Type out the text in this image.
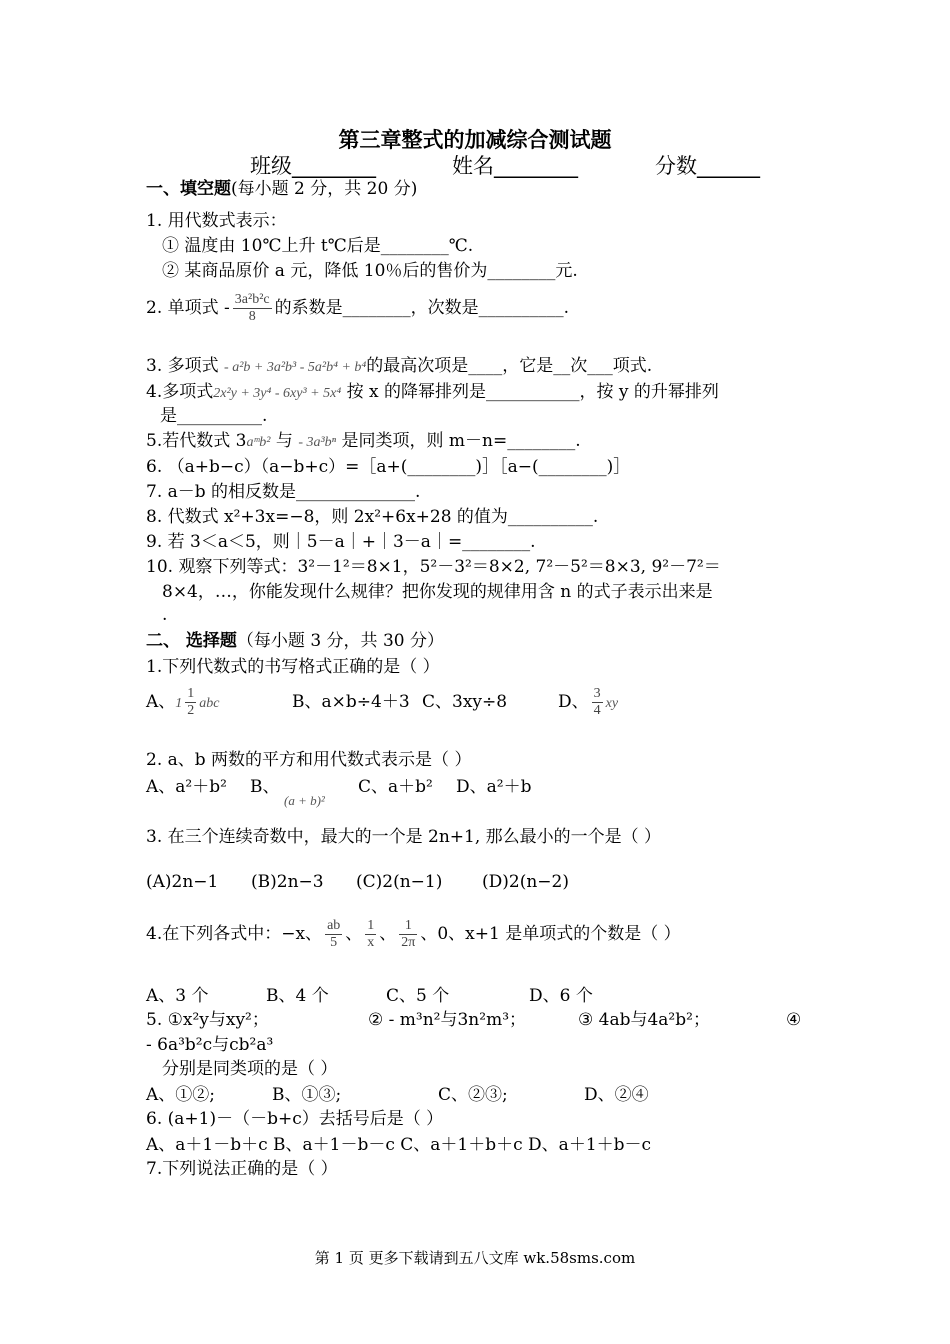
第三章整式的加减综合测试题
班级________	姓名________	分数______
一、填空题(每小题 2 分，共 20 分)
1. 用代数式表示：
① 温度由 10℃上升 t℃后是________℃.
② 某商品原价 a 元，降低 10％后的售价为________元.
2. 单项式 - $\frac{\text{3a²b²c}}{8}$ 的系数是________，次数是__________.
3. 多项式 - a²b + 3a²b³ - 5a²b⁴ + b⁴的最高次项是____，它是__次___项式.
4.多项式2x²y + 3y⁴ - 6xy³ + 5x⁴ 按 x 的降幂排列是___________，按 y 的升幂排列
是__________.
5.若代数式 3aᵐb² 与 - 3a³bⁿ 是同类项，则 m－n=________.
6. （a+b−c）（a−b+c）=［a+(________)］［a−(________)］
7. a－b 的相反数是______________.
8. 代数式 x²+3x=−8，则 2x²+6x+28 的值为__________.
9. 若 3＜a＜5，则｜5－a｜+｜3－a｜=________.
10. 观察下列等式：3²－1²＝8×1，5²－3²＝8×2, 7²－5²＝8×3, 9²－7²＝
8×4，…，你能发现什么规律？把你发现的规律用含 n 的式子表示出来是
.
二、 选择题（每小题 3 分，共 30 分）
1.下列代数式的书写格式正确的是（ ）
A、$1 \frac{1}{2}$ abc	B、a×b÷4＋3 C、3xy÷8	D、 $\frac{3}{4}$ xy
2. a、b 两数的平方和用代数式表示是（ ）
A、a²＋b² B、
(a + b)²
C、a＋b² D、a²＋b
3. 在三个连续奇数中，最大的一个是 2n+1, 那么最小的一个是（ ）
(A)2n−1 (B)2n−3 (C)2(n−1) (D)2(n−2)
4.在下列各式中：−x、 $\frac{ab}{5}$ 、 $\frac{1}{x}$ 、 $\frac{1}{2\pi}$ 、0、x+1 是单项式的个数是（ ）
A、3 个	B、4 个	C、5 个	D、6 个
5. ①x²y与xy²；	② - m³n²与3n²m³；	③ 4ab与4a²b²；	④
- 6a³b²c与cb²a³
分别是同类项的是（ ）
A、①②;	B、①③;	C、②③;	D、②④
6. (a+1)－（－b+c）去括号后是（ ）
A、a＋1－b＋c B、a＋1－b－c C、a＋1＋b＋c D、a＋1＋b－c
7.下列说法正确的是（ ）
第 1 页 更多下载请到五八文库 wk.58sms.com
